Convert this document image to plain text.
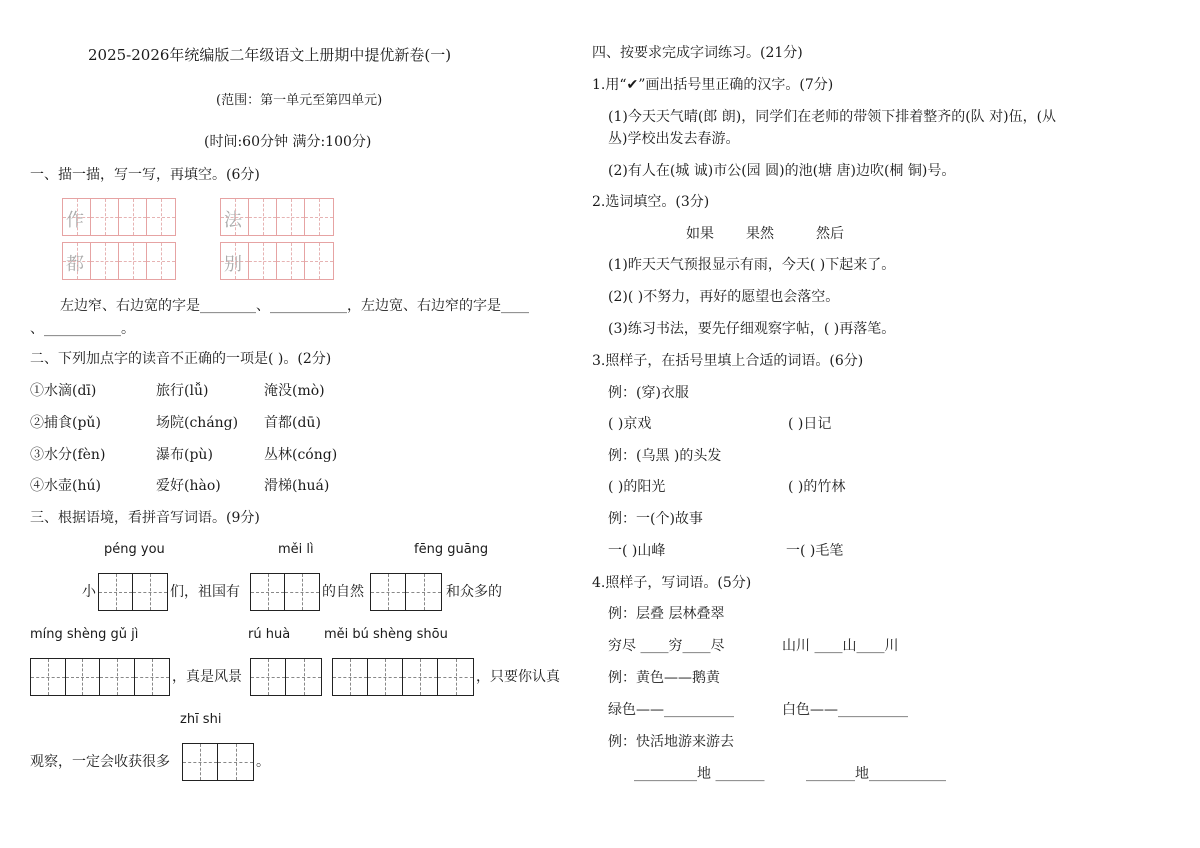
2025-2026年统编版二年级语文上册期中提优新卷(一)
(范围：第一单元至第四单元)
(时间:60分钟 满分:100分)
一、描一描，写一写，再填空。(6分)
作	法
都	别
左边窄、右边宽的字是________、___________，左边宽、右边窄的字是____
、___________。
二、下列加点字的读音不正确的一项是( )。(2分)
①水滴(dī)	旅行(lǚ)	淹没(mò)
②捕食(pǔ)	场院(cháng) 首都(dū)
③水分(fèn)	瀑布(pù)	丛林(cóng)
④水壶(hú)	爱好(hào)	滑梯(huá)
三、根据语境，看拼音写词语。(9分)
péng you	měi lì	fēng guāng
小	们，祖国有	的自然	和众多的
míng shèng gǔ jì	rú huà	měi bú shèng shōu
，真是风景	，只要你认真
zhī shi
观察，一定会收获很多	。
四、按要求完成字词练习。(21分)
1.用“✔”画出括号里正确的汉字。(7分)
(1)今天天气晴(郎 朗)，同学们在老师的带领下排着整齐的(队 对)伍，(从
丛)学校出发去春游。
(2)有人在(城 诚)市公(园 圆)的池(塘 唐)边吹(桐 铜)号。
2.选词填空。(3分)
如果 果然	然后
(1)昨天天气预报显示有雨，今天( )下起来了。
(2)( )不努力，再好的愿望也会落空。
(3)练习书法，要先仔细观察字帖，( )再落笔。
3.照样子，在括号里填上合适的词语。(6分)
例：(穿)衣服
( )京戏	( )日记
例：(乌黑 )的头发
( )的阳光	( )的竹林
例：一(个)故事
一( )山峰	一( )毛笔
4.照样子，写词语。(5分)
例：层叠 层林叠翠
穷尽 ____穷____尽	山川 ____山____川
例：黄色——鹅黄
绿色——__________	白色——__________
例：快活地游来游去
_________地 _______	_______地___________
